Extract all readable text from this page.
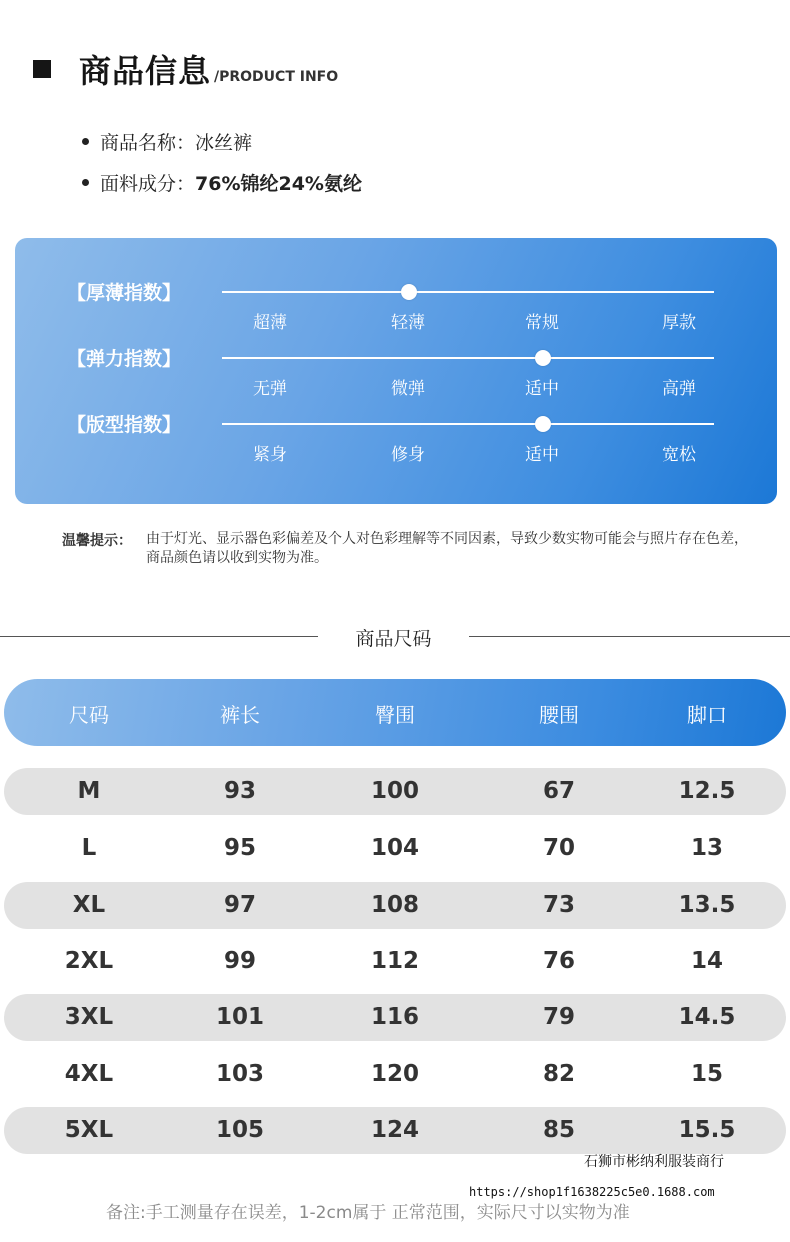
商品信息 /PRODUCT INFO
商品名称：冰丝裤
面料成分：76%锦纶24%氨纶
【厚薄指数】
超薄	轻薄	常规	厚款
【弹力指数】
无弹	微弹	适中	高弹
【版型指数】
紧身	修身	适中	宽松
温馨提示： 由于灯光、显示器色彩偏差及个人对色彩理解等不同因素，导致少数实物可能会与照片存在色差，商品颜色请以收到实物为准。
商品尺码
尺码	裤长	臀围	腰围	脚口
M	93	100	67	12.5
L	95	104	70	13
XL	97	108	73	13.5
2XL	99	112	76	14
3XL	101	116	79	14.5
4XL	103	120	82	15
5XL	105	124	85	15.5
石狮市彬纳利服装商行
https://shop1f1638225c5e0.1688.com
备注:手工测量存在误差，1-2cm属于 正常范围，实际尺寸以实物为准
